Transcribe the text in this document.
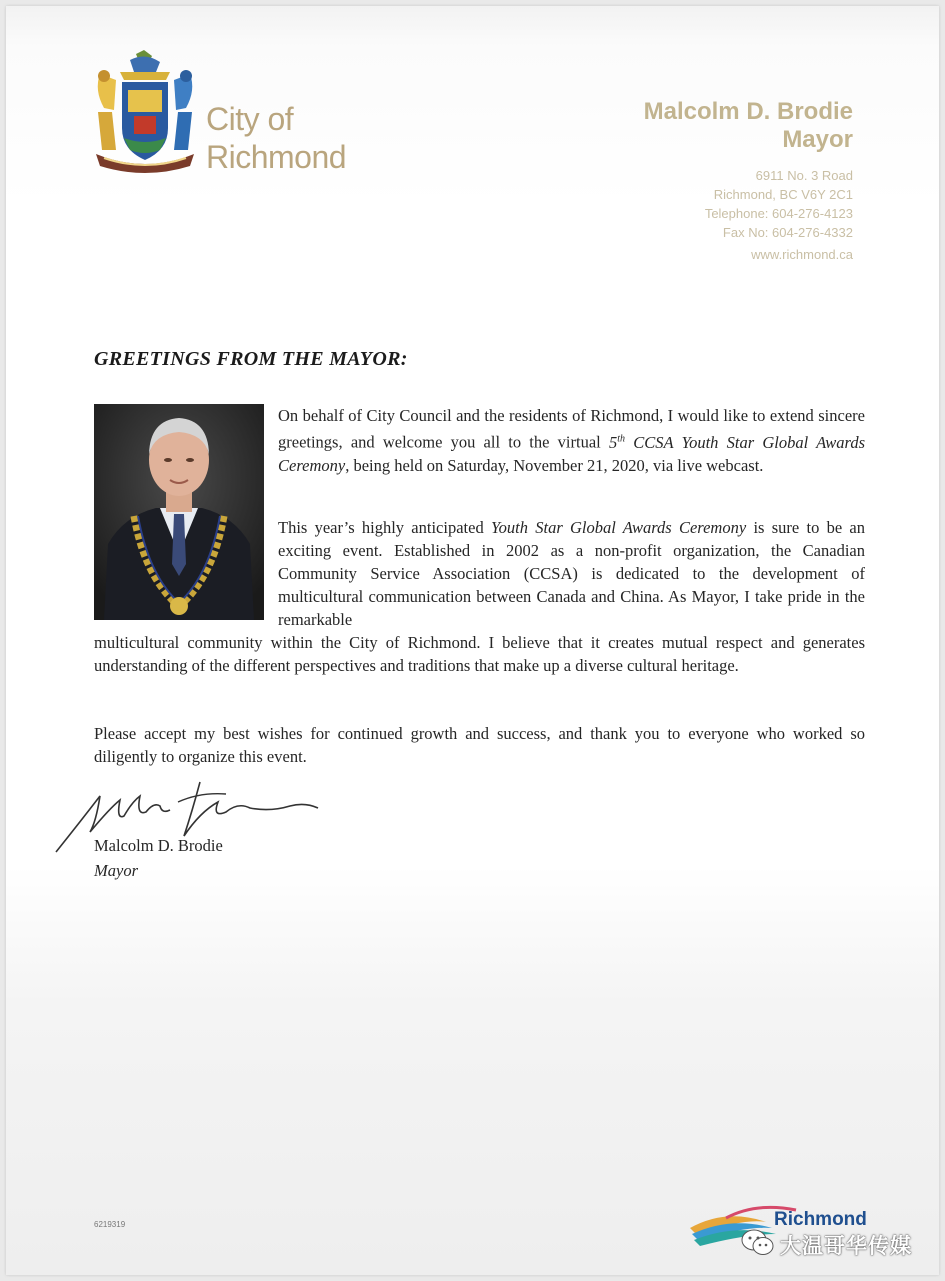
City of
Richmond
Malcolm D. Brodie
Mayor
6911 No. 3 Road
Richmond, BC V6Y 2C1
Telephone: 604-276-4123
Fax No: 604-276-4332
www.richmond.ca
GREETINGS FROM THE MAYOR:
On behalf of City Council and the residents of Richmond, I would like to extend sincere greetings, and welcome you all to the virtual 5th CCSA Youth Star Global Awards Ceremony, being held on Saturday, November 21, 2020, via live webcast.
This year’s highly anticipated Youth Star Global Awards Ceremony is sure to be an exciting event. Established in 2002 as a non-profit organization, the Canadian Community Service Association (CCSA) is dedicated to the development of multicultural communication between Canada and China. As Mayor, I take pride in the remarkable
multicultural community within the City of Richmond. I believe that it creates mutual respect and generates understanding of the different perspectives and traditions that make up a diverse cultural heritage.
Please accept my best wishes for continued growth and success, and thank you to everyone who worked so diligently to organize this event.
Malcolm D. Brodie
Mayor
6219319	Richmond
大温哥华传媒
